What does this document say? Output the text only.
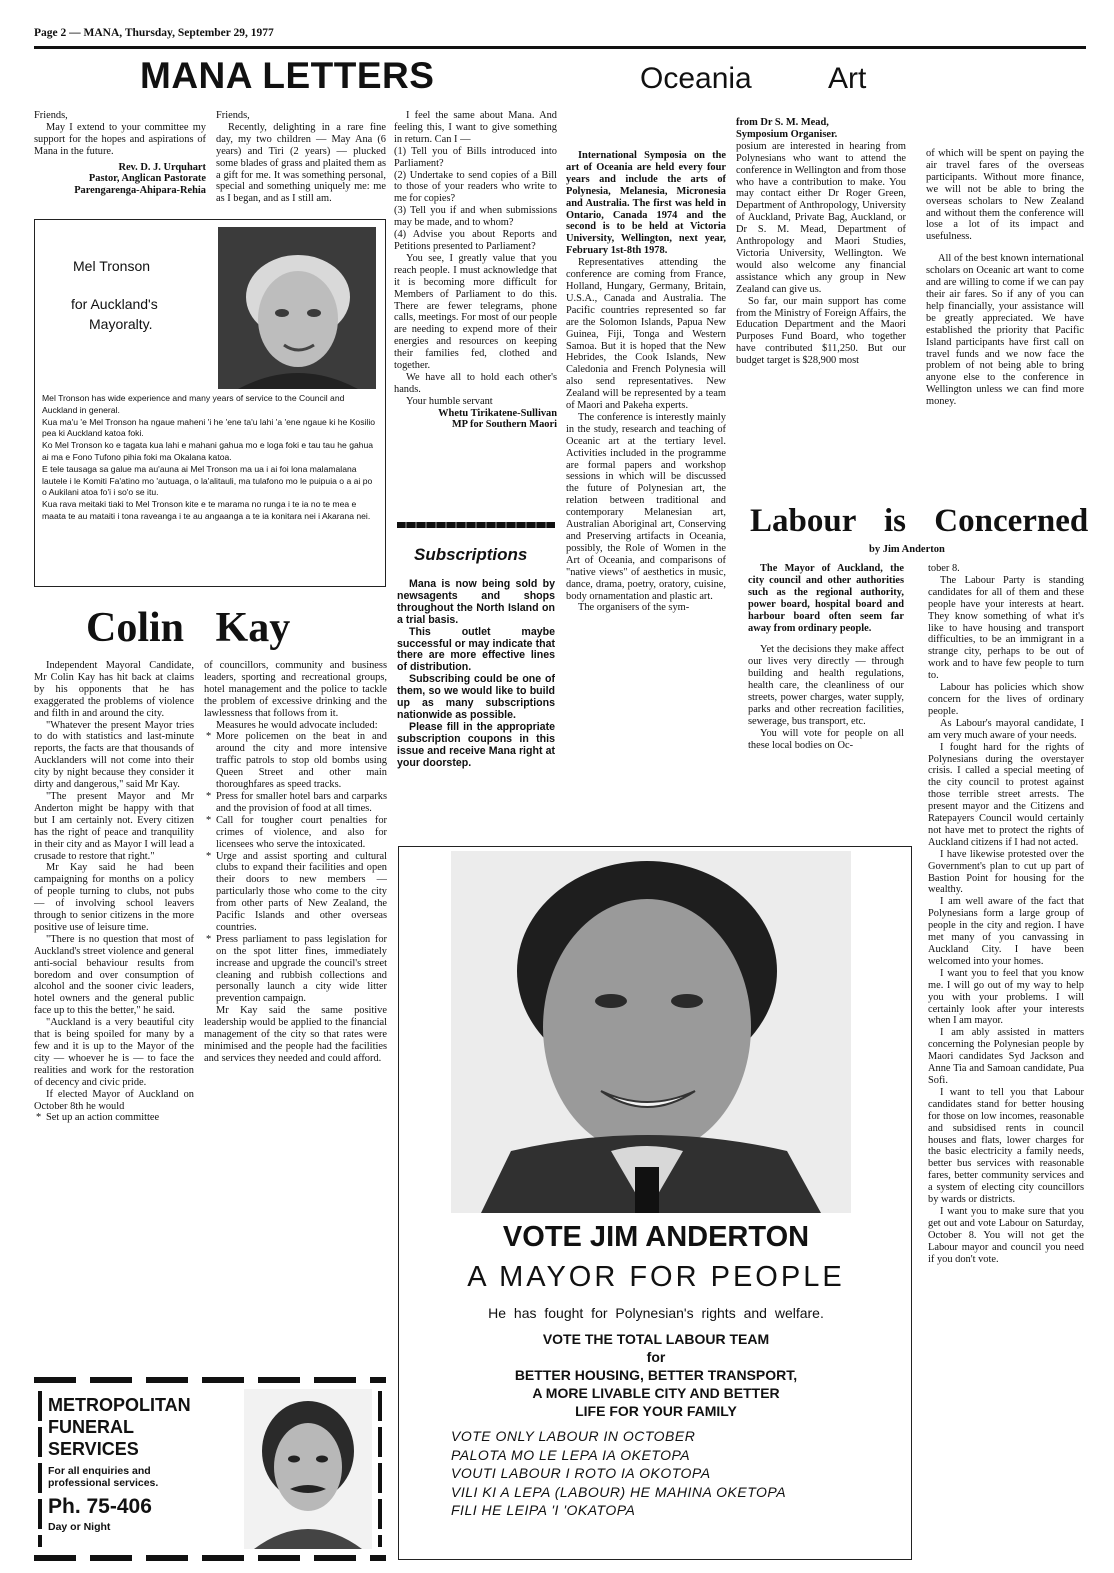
Page 2 — MANA, Thursday, September 29, 1977
MANA LETTERS

Friends,

May I extend to your committee my support for the hopes and aspirations of Mana in the future.

Rev. D. J. Urquhart

Pastor, Anglican Pastorate

Parengarenga-Ahipara-Rehia

Friends,

Recently, delighting in a rare fine day, my two children — May Ana (6 years) and Tiri (2 years) — plucked some blades of grass and plaited them as a gift for me. It was something personal, special and something uniquely me: me as I began, and as I still am.

Mel Tronson
for Auckland's
Mayoralty.
Mel Tronson has wide experience and many years of service to the Council and Auckland in general.
Kua ma'u 'e Mel Tronson ha ngaue maheni 'i he 'ene ta'u lahi 'a 'ene ngaue ki he Kosilio pea ki Auckland katoa foki.
Ko Mel Tronson ko e tagata kua lahi e mahani gahua mo e loga foki e tau tau he gahua ai ma e Fono Tufono pihia foki ma Okalana katoa.
E tele tausaga sa galue ma au'auna ai Mel Tronson ma ua i ai foi lona malamalana lautele i le Komiti Fa'atino mo 'autuaga, o la'alitauli, ma tulafono mo le puipuia o a ai po o Aukilani atoa fo'i i so'o se itu.
Kua rava meitaki tiaki to Mel Tronson kite e te marama no runga i te ia no te mea e maata te au mataiti i tona raveanga i te au angaanga a te ia konitara nei i Akarana nei.

I feel the same about Mana. And feeling this, I want to give something in return. Can I —

(1) Tell you of Bills introduced into Parliament?

(2) Undertake to send copies of a Bill to those of your readers who write to me for copies?

(3) Tell you if and when submissions may be made, and to whom?

(4) Advise you about Reports and Petitions presented to Parliament?

You see, I greatly value that you reach people. I must acknowledge that it is becoming more difficult for Members of Parliament to do this. There are fewer telegrams, phone calls, meetings. For most of our people are needing to expend more of their energies and resources on keeping their families fed, clothed and together.

We have all to hold each other's hands.

Your humble servant

Whetu Tirikatene-Sullivan

MP for Southern Maori

Subscriptions

Mana is now being sold by newsagents and shops throughout the North Island on a trial basis.

This outlet maybe successful or may indicate that there are more effective lines of distribution.

Subscribing could be one of them, so we would like to build up as many subscriptions nationwide as possible.

Please fill in the appropriate subscription coupons in this issue and receive Mana right at your doorstep.

Colin   Kay

Independent Mayoral Candidate, Mr Colin Kay has hit back at claims by his opponents that he has exaggerated the problems of violence and filth in and around the city.

"Whatever the present Mayor tries to do with statistics and last-minute reports, the facts are that thousands of Aucklanders will not come into their city by night because they consider it dirty and dangerous," said Mr Kay.

"The present Mayor and Mr Anderton might be happy with that but I am certainly not. Every citizen has the right of peace and tranquility in their city and as Mayor I will lead a crusade to restore that right."

Mr Kay said he had been campaigning for months on a policy of people turning to clubs, not pubs — of involving school leavers through to senior citizens in the more positive use of leisure time.

"There is no question that most of Auckland's street violence and general anti-social behaviour results from boredom and over consumption of alcohol and the sooner civic leaders, hotel owners and the general public face up to this the better," he said.

"Auckland is a very beautiful city that is being spoiled for many by a few and it is up to the Mayor of the city — whoever he is — to face the realities and work for the restoration of decency and civic pride.

If elected Mayor of Auckland on October 8th he would

* Set up an action committee

of councillors, community and business leaders, sporting and recreational groups, hotel management and the police to tackle the problem of excessive drinking and the lawlessness that follows from it.

Measures he would advocate included:

* More policemen on the beat in and around the city and more intensive traffic patrols to stop old bombs using Queen Street and other main thoroughfares as speed tracks.
* Press for smaller hotel bars and carparks and the provision of food at all times.
* Call for tougher court penalties for crimes of violence, and also for licensees who serve the intoxicated.
* Urge and assist sporting and cultural clubs to expand their facilities and open their doors to new members — particularly those who come to the city from other parts of New Zealand, the Pacific Islands and other overseas countries.
* Press parliament to pass legislation for on the spot litter fines, immediately increase and upgrade the council's street cleaning and rubbish collections and personally launch a city wide litter prevention campaign.

Mr Kay said the same positive leadership would be applied to the financial management of the city so that rates were minimised and the people had the facilities and services they needed and could afford.

METROPOLITAN
FUNERAL
SERVICES
For all enquiries and
professional services.
Ph. 75-406
Day or Night
Oceania	Art

International Symposia on the art of Oceania are held every four years and include the arts of Polynesia, Melanesia, Micronesia and Australia. The first was held in Ontario, Canada 1974 and the second is to be held at Victoria University, Wellington, next year, February 1st-8th 1978.

Representatives attending the conference are coming from France, Holland, Hungary, Germany, Britain, U.S.A., Canada and Australia. The Pacific countries represented so far are the Solomon Islands, Papua New Guinea, Fiji, Tonga and Western Samoa. But it is hoped that the New Hebrides, the Cook Islands, New Caledonia and French Polynesia will also send representatives. New Zealand will be represented by a team of Maori and Pakeha experts.

The conference is interestly mainly in the study, research and teaching of Oceanic art at the tertiary level. Activities included in the programme are formal papers and workshop sessions in which will be discussed the future of Polynesian art, the relation between traditional and contemporary Melanesian art, Australian Aboriginal art, Conserving and Preserving artifacts in Oceania, possibly, the Role of Women in the Art of Oceania, and comparisons of "native views" of aesthetics in music, dance, drama, poetry, oratory, cuisine, body ornamentation and plastic art.

The organisers of the sym-

from Dr S. M. Mead,

Symposium Organiser.

posium are interested in hearing from Polynesians who want to attend the conference in Wellington and from those who have a contribution to make. You may contact either Dr Roger Green, Department of Anthropology, University of Auckland, Private Bag, Auckland, or Dr S. M. Mead, Department of Anthropology and Maori Studies, Victoria University, Wellington. We would also welcome any financial assistance which any group in New Zealand can give us.

So far, our main support has come from the Ministry of Foreign Affairs, the Education Department and the Maori Purposes Fund Board, who together have contributed $11,250. But our budget target is $28,900 most

of which will be spent on paying the air travel fares of the overseas participants. Without more finance, we will not be able to bring the overseas scholars to New Zealand and without them the conference will lose a lot of its impact and usefulness.

All of the best known international scholars on Oceanic art want to come and are willing to come if we can pay their air fares. So if any of you can help financially, your assistance will be greatly appreciated. We have established the priority that Pacific Island participants have first call on travel funds and we now face the problem of not being able to bring anyone else to the conference in Wellington unless we can find more money.

Labour is Concerned
by Jim Anderton

The Mayor of Auckland, the city council and other authorities such as the regional authority, power board, hospital board and harbour board often seem far away from ordinary people.

Yet the decisions they make affect our lives very directly — through building and health regulations, health care, the cleanliness of our streets, power charges, water supply, parks and other recreation facilities, sewerage, bus transport, etc.

You will vote for people on all these local bodies on Oc-

tober 8.

The Labour Party is standing candidates for all of them and these people have your interests at heart. They know something of what it's like to have housing and transport difficulties, to be an immigrant in a strange city, perhaps to be out of work and to have few people to turn to.

Labour has policies which show concern for the lives of ordinary people.

As Labour's mayoral candidate, I am very much aware of your needs.

I fought hard for the rights of Polynesians during the overstayer crisis. I called a special meeting of the city council to protest against those terrible street arrests. The present mayor and the Citizens and Ratepayers Council would certainly not have met to protect the rights of Auckland citizens if I had not acted.

I have likewise protested over the Government's plan to cut up part of Bastion Point for housing for the wealthy.

I am well aware of the fact that Polynesians form a large group of people in the city and region. I have met many of you canvassing in Auckland City. I have been welcomed into your homes.

I want you to feel that you know me. I will go out of my way to help you with your problems. I will certainly look after your interests when I am mayor.

I am ably assisted in matters concerning the Polynesian people by Maori candidates Syd Jackson and Anne Tia and Samoan candidate, Pua Sofi.

I want to tell you that Labour candidates stand for better housing for those on low incomes, reasonable and subsidised rents in council houses and flats, lower charges for the basic electricity a family needs, better bus services with reasonable fares, better community services and a system of electing city councillors by wards or districts.

I want you to make sure that you get out and vote Labour on Saturday, October 8. You will not get the Labour mayor and council you need if you don't vote.

VOTE JIM ANDERTON
A MAYOR FOR PEOPLE
He has fought for Polynesian's rights and welfare.
VOTE THE TOTAL LABOUR TEAM
for
BETTER HOUSING, BETTER TRANSPORT,
A MORE LIVABLE CITY AND BETTER
LIFE FOR YOUR FAMILY
VOTE ONLY LABOUR IN OCTOBER
PALOTA MO LE LEPA IA OKETOPA
VOUTI LABOUR I ROTO IA OKOTOPA
VILI KI A LEPA (LABOUR) HE MAHINA OKETOPA
FILI HE LEIPA 'I 'OKATOPA
